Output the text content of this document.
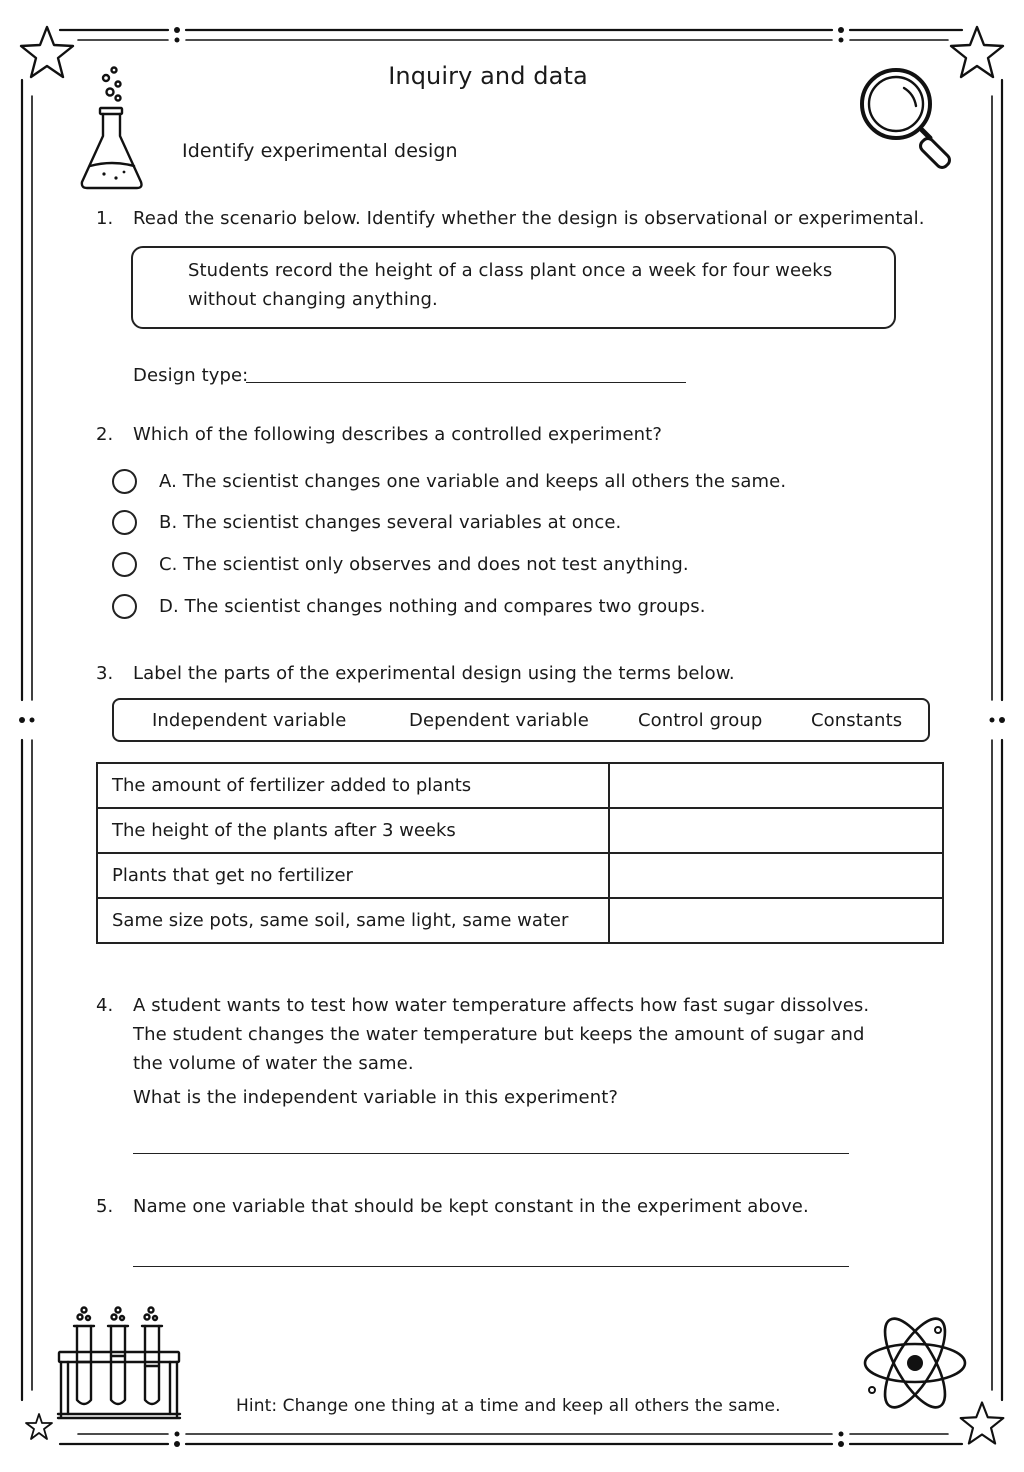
Inquiry and data
Identify experimental design
1. Read the scenario below. Identify whether the design is observational or experimental.
Students record the height of a class plant once a week for four weeks
without changing anything.
Design type:
2. Which of the following describes a controlled experiment?
A. The scientist changes one variable and keeps all others the same.
B. The scientist changes several variables at once.
C. The scientist only observes and does not test anything.
D. The scientist changes nothing and compares two groups.
3. Label the parts of the experimental design using the terms below.
Independent variable	Dependent variable	Control group	Constants
The amount of fertilizer added to plants	
The height of the plants after 3 weeks	
Plants that get no fertilizer	
Same size pots, same soil, same light, same water	
4. A student wants to test how water temperature affects how fast sugar dissolves.
The student changes the water temperature but keeps the amount of sugar and
the volume of water the same.
What is the independent variable in this experiment?
5. Name one variable that should be kept constant in the experiment above.
Hint: Change one thing at a time and keep all others the same.
